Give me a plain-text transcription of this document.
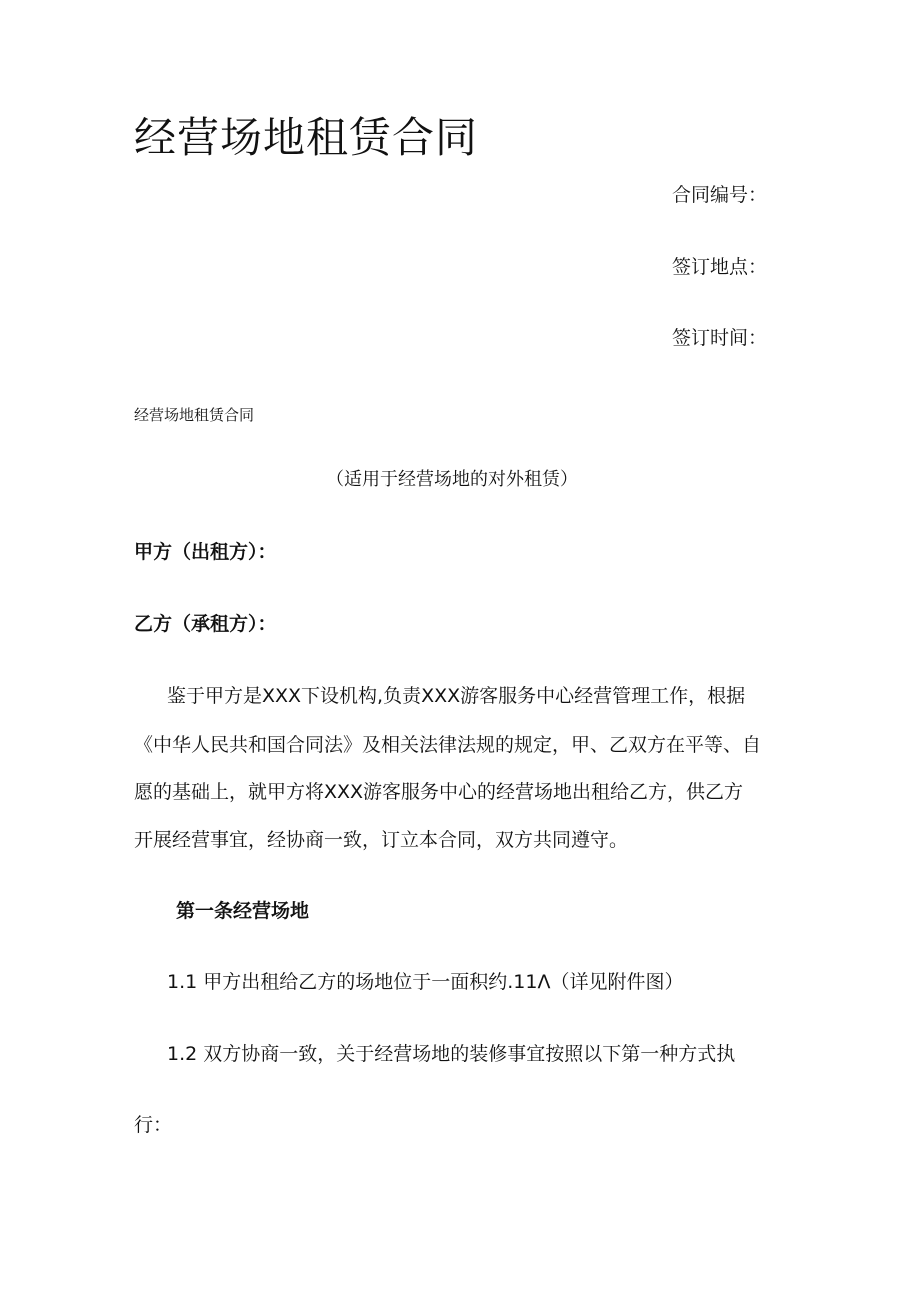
经营场地租赁合同
合同编号：
签订地点：
签订时间：
经营场地租赁合同
（适用于经营场地的对外租赁）
甲方（出租方）：
乙方（承租方）：
鉴于甲方是XXX下设机构,负责XXX游客服务中心经营管理工作，根据
《中华人民共和国合同法》及相关法律法规的规定，甲、乙双方在平等、自
愿的基础上，就甲方将XXX游客服务中心的经营场地出租给乙方，供乙方
开展经营事宜，经协商一致，订立本合同，双方共同遵守。
第一条经营场地
1.1 甲方出租给乙方的场地位于一面积约.11Λ（详见附件图）
1.2 双方协商一致，关于经营场地的装修事宜按照以下第一种方式执
行：
